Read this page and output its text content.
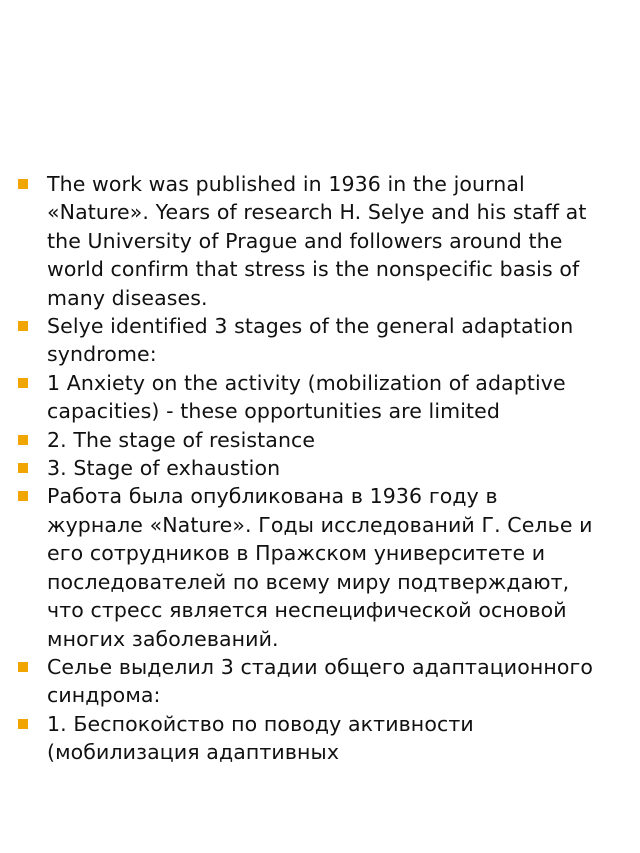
The work was published in 1936 in the journal «Nature». Years of research H. Selye and his staff at the University of Prague and followers around the world confirm that stress is the nonspecific basis of many diseases.
Selye identified 3 stages of the general adaptation syndrome:
1 Anxiety on the activity (mobilization of adaptive capacities) - these opportunities are limited
2. The stage of resistance
3. Stage of exhaustion
Работа была опубликована в 1936 году в журнале «Nature». Годы исследований Г. Селье и его сотрудников в Пражском университете и последователей по всему миру подтверждают, что стресс является неспецифической основой многих заболеваний.
Селье выделил 3 стадии общего адаптационного синдрома:
1. Беспокойство по поводу активности (мобилизация адаптивных
